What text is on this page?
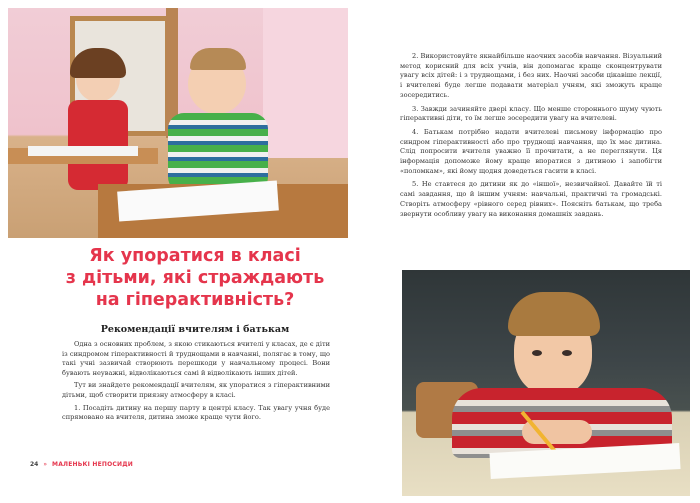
Як упоратися в класі
з дітьми, які страждають
на гіперактивність?
Рекомендації вчителям і батькам

Одна з основних проблем, з якою стикаються вчителі у класах, де є діти із синдромом гіперактивності й труднощами в навчанні, полягає в тому, що такі учні зазвичай створюють перешкоди у навчальному процесі. Вони бувають неуважні, відволікаються самі й відволікають інших дітей.

Тут ви знайдете рекомендації вчителям, як упоратися з гіперактивними дітьми, щоб створити приязну атмосферу в класі.

1. Посадіть дитину на першу парту в центрі класу. Так увагу учня буде спрямовано на вчителя, дитина зможе краще чути його.

24 » МАЛЕНЬКІ НЕПОСИДИ

2. Використовуйте якнайбільше наочних засобів навчання. Візуальний метод корисний для всіх учнів, він допомагає краще сконцентрувати увагу всіх дітей: і з труднощами, і без них. Наочні засоби цікавіше лекції, і вчителеві буде легше подавати матеріал учням, які зможуть краще зосередитись.

3. Завжди зачиняйте двері класу. Що менше стороннього шуму чують гіперактивні діти, то їм легше зосередити увагу на вчителеві.

4. Батькам потрібно надати вчителеві письмову інформацію про синдром гіперактивності або про труднощі навчання, що їх має дитина. Слід попросити вчителя уважно її прочитати, а не переглянути. Ця інформація допоможе йому краще впоратися з дитиною і запобігти «поломкам», які йому щодня доведеться гасити в класі.

5. Не ставтеся до дитини як до «іншої», незвичайної. Давайте їй ті самі завдання, що й іншим учням: навчальні, практичні та громадські. Створіть атмосферу «рівного серед рівних». Поясніть батькам, що треба звернути особливу увагу на виконання домашніх завдань.
